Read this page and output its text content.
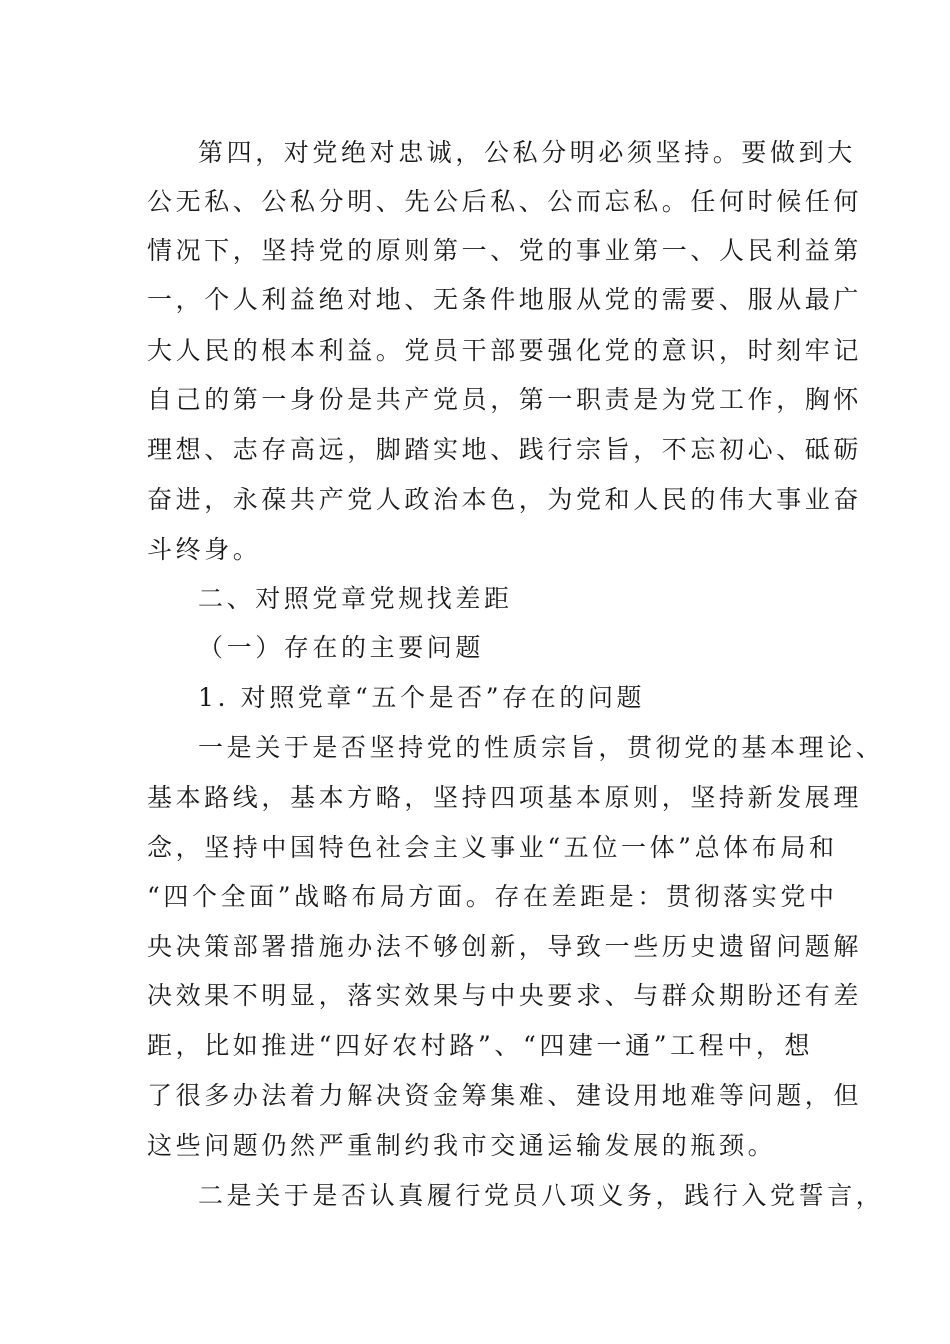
第四，对党绝对忠诚，公私分明必须坚持。要做到大
公无私、公私分明、先公后私、公而忘私。任何时候任何
情况下，坚持党的原则第一、党的事业第一、人民利益第
一，个人利益绝对地、无条件地服从党的需要、服从最广
大人民的根本利益。党员干部要强化党的意识，时刻牢记
自己的第一身份是共产党员，第一职责是为党工作，胸怀
理想、志存高远，脚踏实地、践行宗旨，不忘初心、砥砺
奋进，永葆共产党人政治本色，为党和人民的伟大事业奋
斗终身。
二、对照党章党规找差距
（一）存在的主要问题
1. 对照党章“五个是否”存在的问题
一是关于是否坚持党的性质宗旨，贯彻党的基本理论、
基本路线，基本方略，坚持四项基本原则，坚持新发展理
念，坚持中国特色社会主义事业“五位一体”总体布局和
“四个全面”战略布局方面。存在差距是：贯彻落实党中
央决策部署措施办法不够创新，导致一些历史遗留问题解
决效果不明显，落实效果与中央要求、与群众期盼还有差
距，比如推进“四好农村路”、“四建一通”工程中，想
了很多办法着力解决资金筹集难、建设用地难等问题，但
这些问题仍然严重制约我市交通运输发展的瓶颈。
二是关于是否认真履行党员八项义务，践行入党誓言，
